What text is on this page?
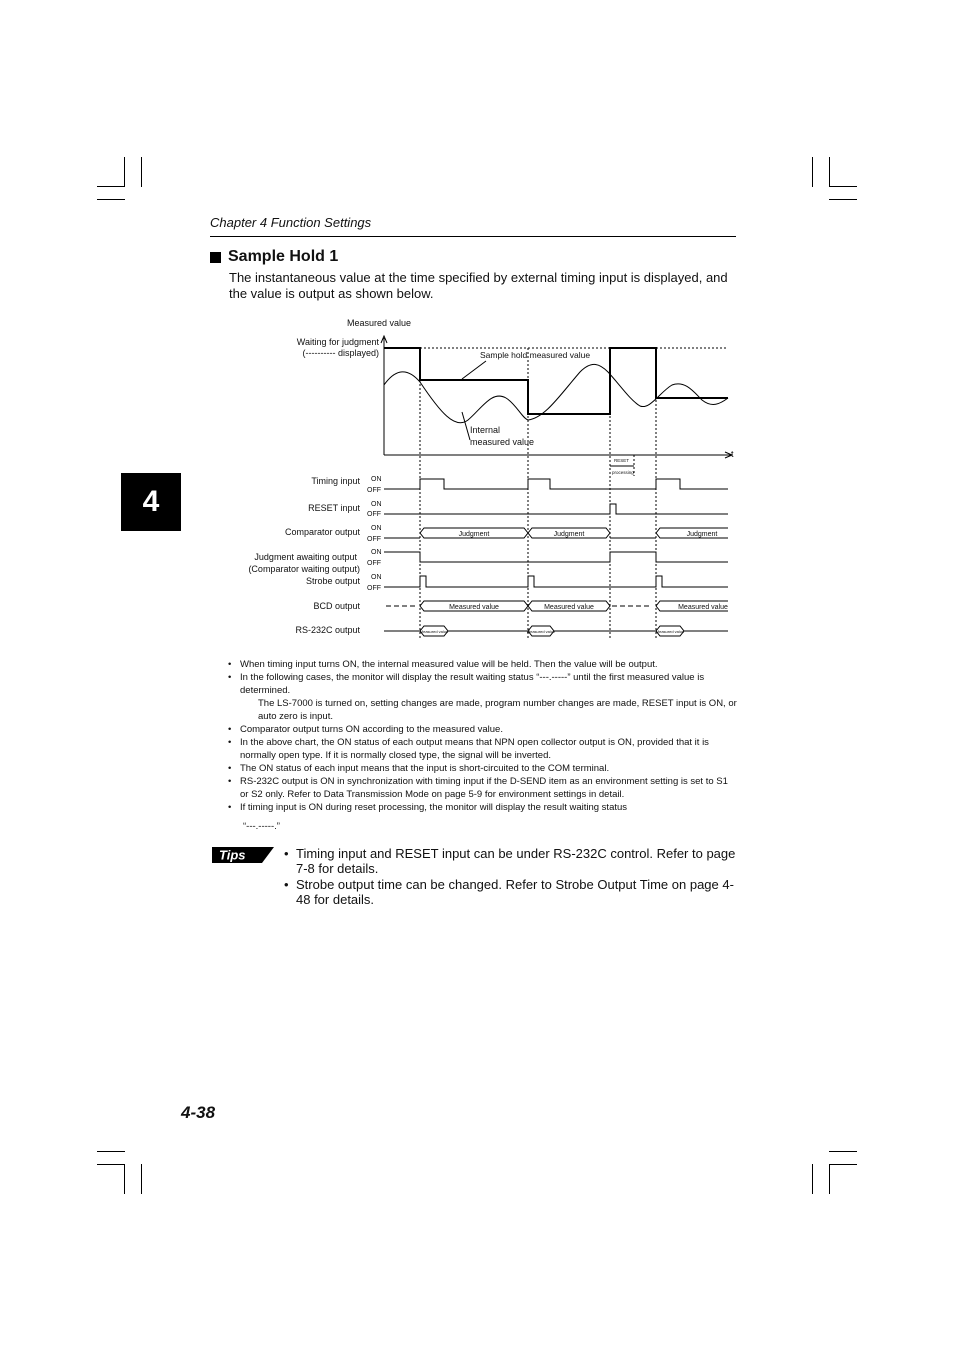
Chapter 4 Function Settings
Sample Hold 1
The instantaneous value at the time specified by external timing input is displayed, and the value is output as shown below.
4
Measured value
Waiting for judgment
(---------- displayed)	Sample hold measured value
Internal
measured value
t
RESET
processing
Timing input
RESET input
Comparator output
Judgment awaiting output
(Comparator waiting output)
Strobe output
BCD output
RS-232C output
ON
OFF
ON
OFF
ON
OFF
ON
OFF
ON
OFF
Judgment	Judgment	Judgment
Measured value	Measured value	Measured value
Measured value	Measured value	Measured value
• When timing input turns ON, the internal measured value will be held. Then the value will be output.
• In the following cases, the monitor will display the result waiting status “---.-----” until the first measured value is determined.
The LS-7000 is turned on, setting changes are made, program number changes are made, RESET input is ON, or auto zero is input.
• Comparator output turns ON according to the measured value.
• In the above chart, the ON status of each output means that NPN open collector output is ON, provided that it is normally open type. If it is normally closed type, the signal will be inverted.
• The ON status of each input means that the input is short-circuited to the COM terminal.
• RS-232C output is ON in synchronization with timing input if the D-SEND item as an environment setting is set to S1 or S2 only. Refer to Data Transmission Mode on page 5-9 for environment settings in detail.
• If timing input is ON during reset processing, the monitor will display the result waiting status
“---.-----.”
Tips
•	Timing input and RESET input can be under RS-232C control. Refer to page 7-8 for details.
• Strobe output time can be changed. Refer to Strobe Output Time on page 4-48 for details.
4-38
